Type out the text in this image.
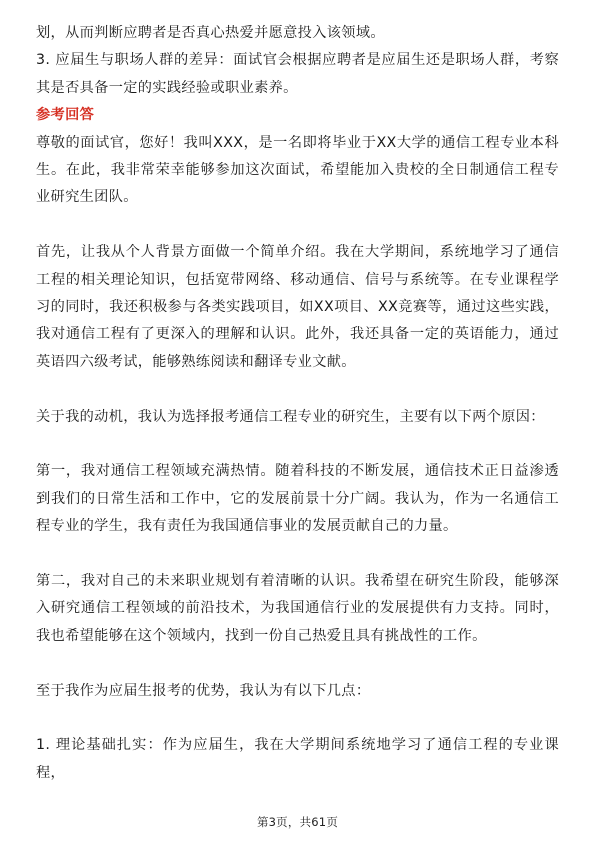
划，从而判断应聘者是否真心热爱并愿意投入该领域。

3. 应届生与职场人群的差异：面试官会根据应聘者是应届生还是职场人群，考察其是否具备一定的实践经验或职业素养。

参考回答

尊敬的面试官，您好！我叫XXX，是一名即将毕业于XX大学的通信工程专业本科生。在此，我非常荣幸能够参加这次面试，希望能加入贵校的全日制通信工程专业研究生团队。

首先，让我从个人背景方面做一个简单介绍。我在大学期间，系统地学习了通信工程的相关理论知识，包括宽带网络、移动通信、信号与系统等。在专业课程学习的同时，我还积极参与各类实践项目，如XX项目、XX竞赛等，通过这些实践，我对通信工程有了更深入的理解和认识。此外，我还具备一定的英语能力，通过英语四六级考试，能够熟练阅读和翻译专业文献。

关于我的动机，我认为选择报考通信工程专业的研究生，主要有以下两个原因：

第一，我对通信工程领域充满热情。随着科技的不断发展，通信技术正日益渗透到我们的日常生活和工作中，它的发展前景十分广阔。我认为，作为一名通信工程专业的学生，我有责任为我国通信事业的发展贡献自己的力量。

第二，我对自己的未来职业规划有着清晰的认识。我希望在研究生阶段，能够深入研究通信工程领域的前沿技术，为我国通信行业的发展提供有力支持。同时，我也希望能够在这个领域内，找到一份自己热爱且具有挑战性的工作。

至于我作为应届生报考的优势，我认为有以下几点：

1. 理论基础扎实：作为应届生，我在大学期间系统地学习了通信工程的专业课程，

第3页，共61页
